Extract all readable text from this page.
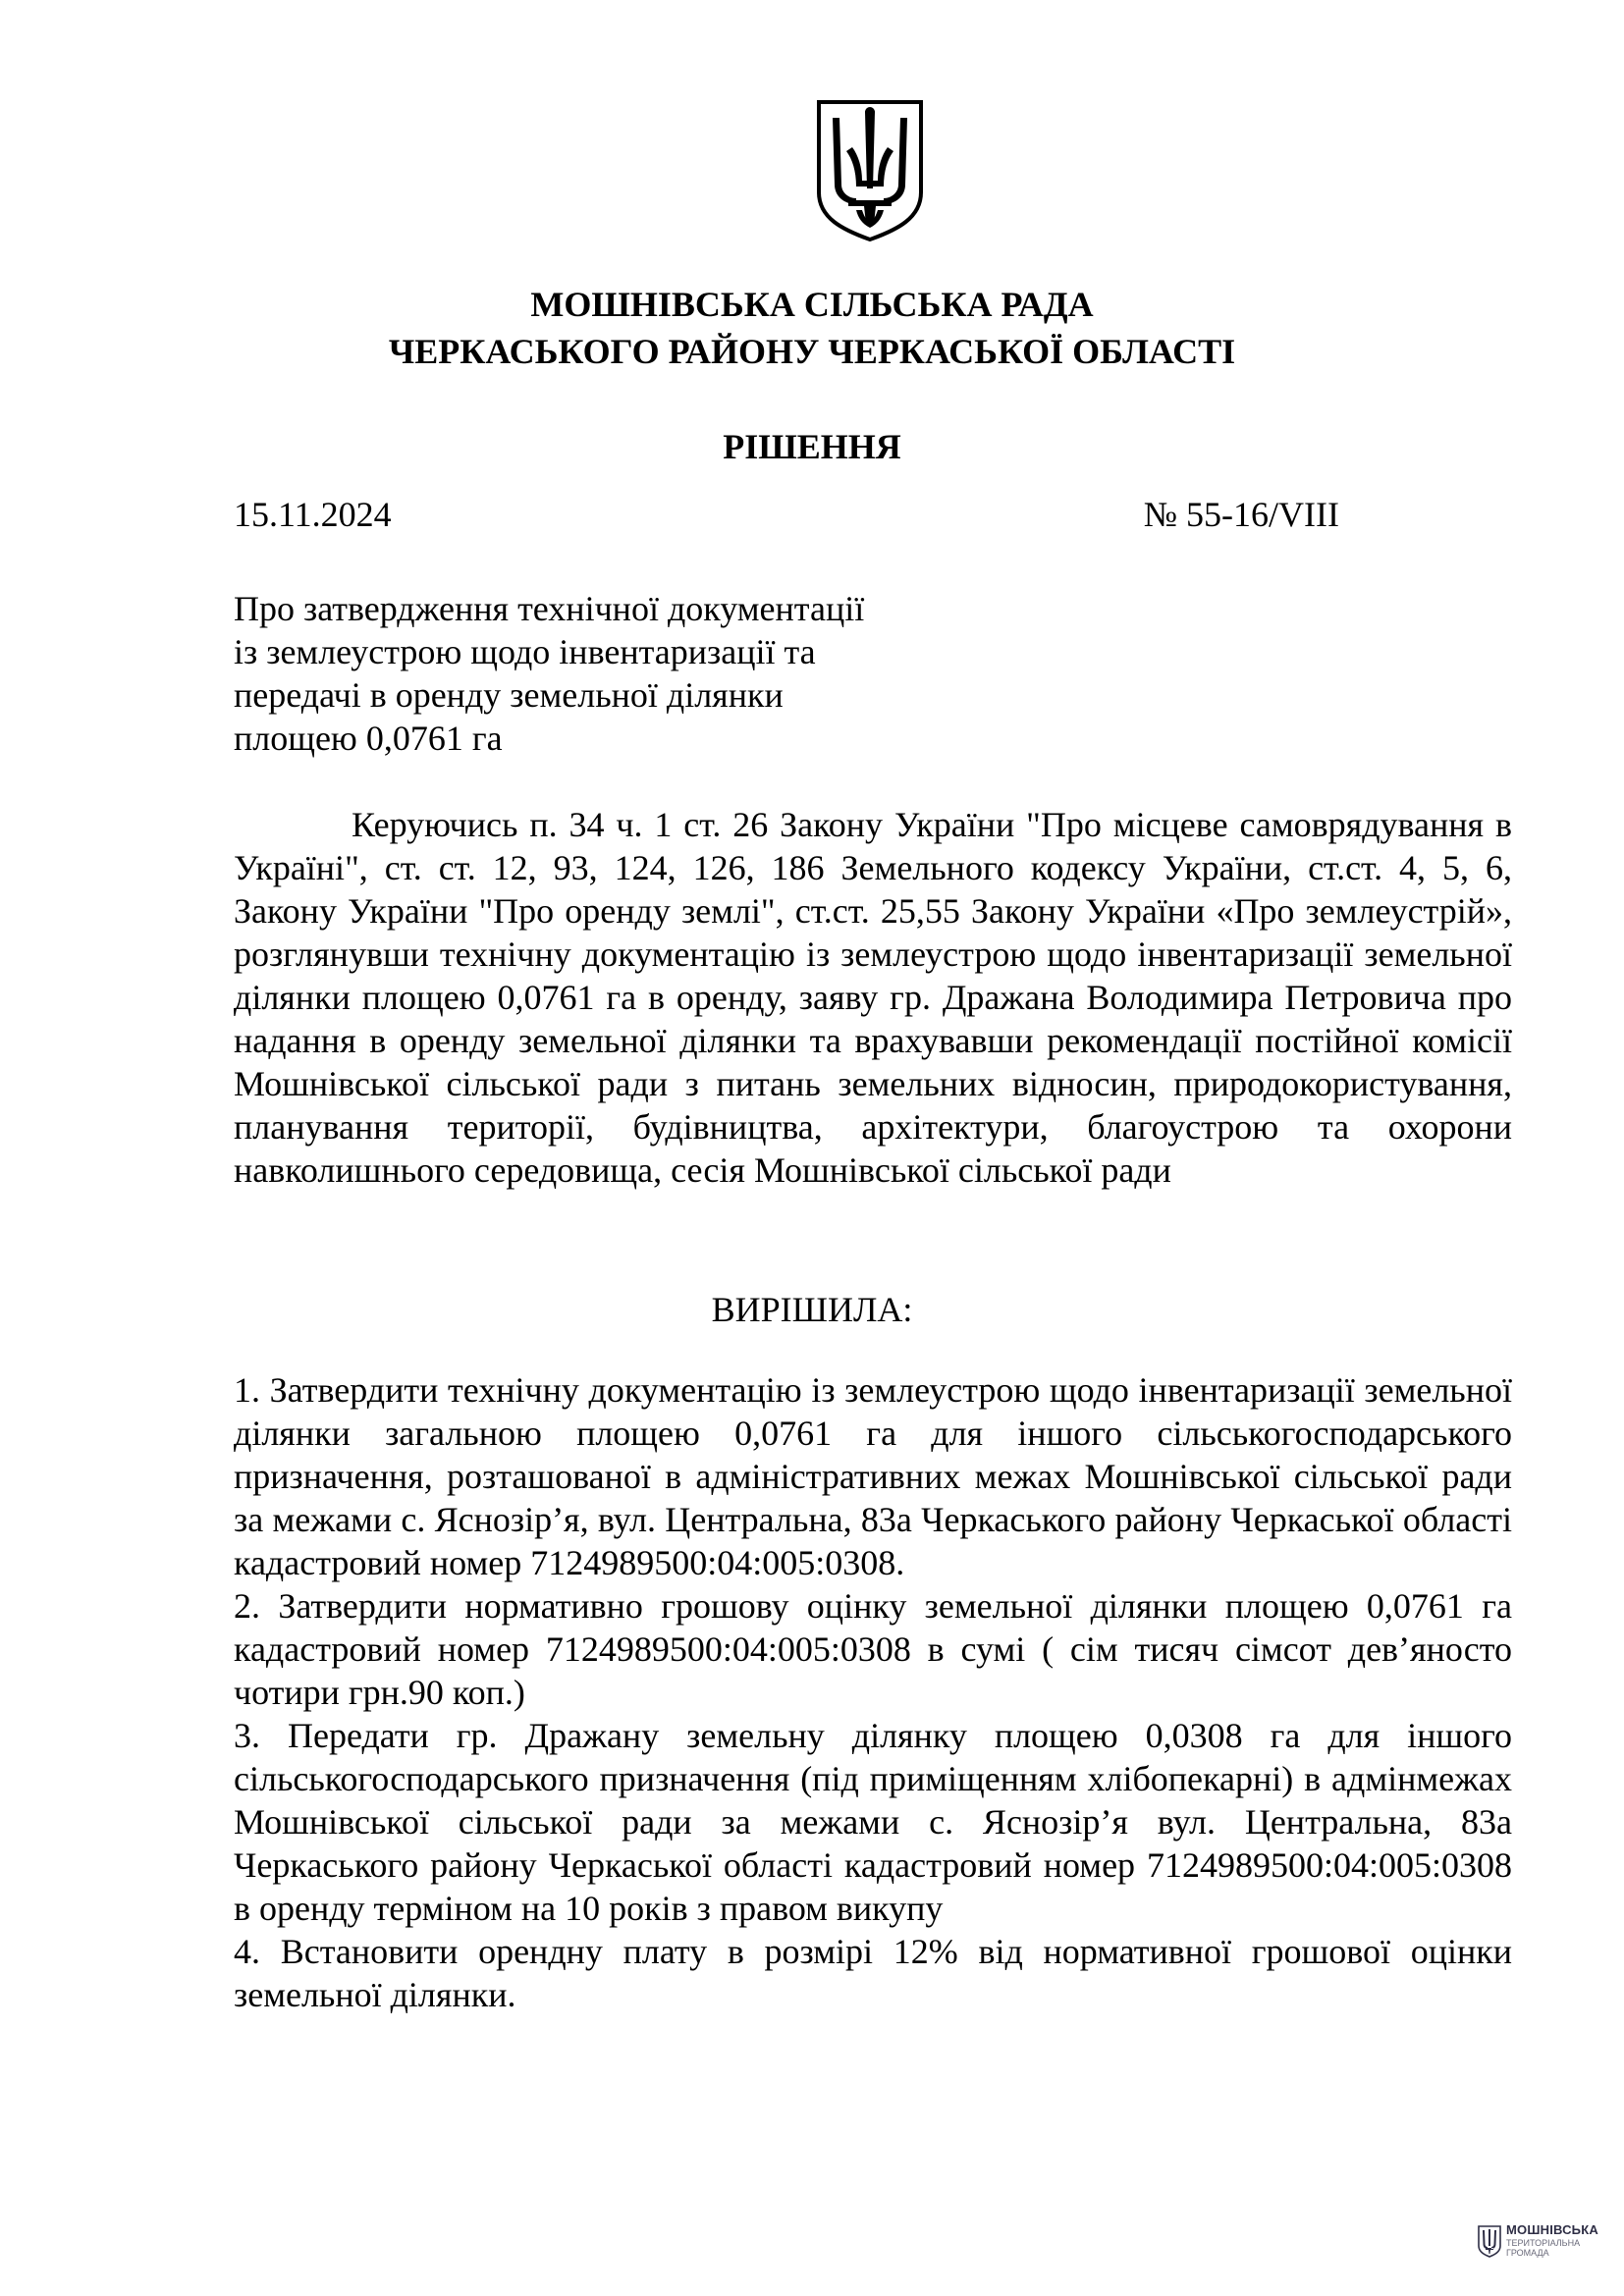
МОШНІВСЬКА СІЛЬСЬКА РАДА
ЧЕРКАСЬКОГО РАЙОНУ ЧЕРКАСЬКОЇ ОБЛАСТІ
РІШЕННЯ
15.11.2024	№ 55-16/VIII
Про затвердження технічної документації
із землеустрою щодо інвентаризації та
передачі в оренду земельної ділянки
площею 0,0761 га
Керуючись п. 34 ч. 1 ст. 26 Закону України "Про місцеве самоврядування в Україні", ст. ст. 12, 93, 124, 126, 186 Земельного кодексу України, ст.ст. 4, 5, 6, Закону України "Про оренду землі", ст.ст. 25,55 Закону України «Про землеустрій», розглянувши технічну документацію із землеустрою щодо інвентаризації земельної ділянки площею 0,0761 га в оренду, заяву гр. Дражана Володимира Петровича про надання в оренду земельної ділянки та врахувавши рекомендації постійної комісії Мошнівської сільської ради з питань земельних відносин, природокористування, планування території, будівництва, архітектури, благоустрою та охорони навколишнього середовища, сесія Мошнівської сільської ради
ВИРІШИЛА:

1. Затвердити технічну документацію із землеустрою щодо інвентаризації земельної ділянки загальною площею 0,0761 га для іншого сільськогосподарського призначення, розташованої в адміністративних межах Мошнівської сільської ради за межами с. Яснозір’я, вул. Центральна, 83а Черкаського району Черкаської області кадастровий номер 7124989500:04:005:0308.

2. Затвердити нормативно грошову оцінку земельної ділянки площею 0,0761 га кадастровий номер 7124989500:04:005:0308 в сумі ( сім тисяч сімсот дев’яносто чотири грн.90 коп.)

3. Передати гр. Дражану земельну ділянку площею 0,0308 га для іншого сільськогосподарського призначення (під приміщенням хлібопекарні) в адмінмежах Мошнівської сільської ради за межами с. Яснозір’я вул. Центральна, 83а Черкаського району Черкаської області кадастровий номер 7124989500:04:005:0308 в оренду терміном на 10 років з правом викупу

4. Встановити орендну плату в розмірі 12% від нормативної грошової оцінки земельної ділянки.

МОШНІВСЬКА
ТЕРИТОРІАЛЬНА
ГРОМАДА
